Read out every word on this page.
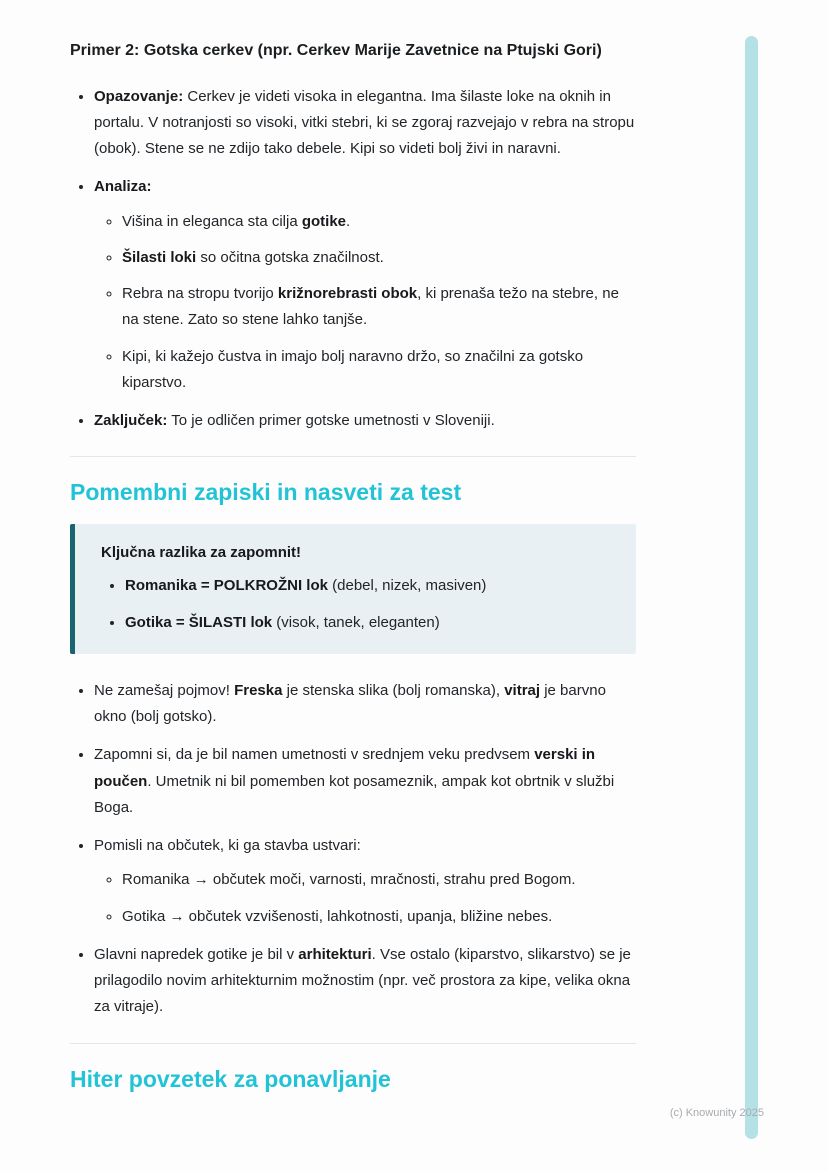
Primer 2: Gotska cerkev (npr. Cerkev Marije Zavetnice na Ptujski Gori)

• Opazovanje: Cerkev je videti visoka in elegantna. Ima šilaste loke na oknih in portalu. V notranjosti so visoki, vitki stebri, ki se zgoraj razvejajo v rebra na stropu (obok). Stene se ne zdijo tako debele. Kipi so videti bolj živi in naravni.

• Analiza:

◦ Višina in eleganca sta cilja gotike.

◦ Šilasti loki so očitna gotska značilnost.

◦ Rebra na stropu tvorijo križnorebrasti obok, ki prenaša težo na stebre, ne na stene. Zato so stene lahko tanjše.

◦ Kipi, ki kažejo čustva in imajo bolj naravno držo, so značilni za gotsko kiparstvo.

• Zaključek: To je odličen primer gotske umetnosti v Sloveniji.

Pomembni zapiski in nasveti za test

Ključna razlika za zapomnit!

• Romanika = POLKROŽNI lok (debel, nizek, masiven)

• Gotika = ŠILASTI lok (visok, tanek, eleganten)

• Ne zamešaj pojmov! Freska je stenska slika (bolj romanska), vitraj je barvno okno (bolj gotsko).

• Zapomni si, da je bil namen umetnosti v srednjem veku predvsem verski in poučen. Umetnik ni bil pomemben kot posameznik, ampak kot obrtnik v službi Boga.

• Pomisli na občutek, ki ga stavba ustvari:

◦ Romanika → občutek moči, varnosti, mračnosti, strahu pred Bogom.

◦ Gotika → občutek vzvišenosti, lahkotnosti, upanja, bližine nebes.

• Glavni napredek gotike je bil v arhitekturi. Vse ostalo (kiparstvo, slikarstvo) se je prilagodilo novim arhitekturnim možnostim (npr. več prostora za kipe, velika okna za vitraje).

Hiter povzetek za ponavljanje
(c) Knowunity 2025
